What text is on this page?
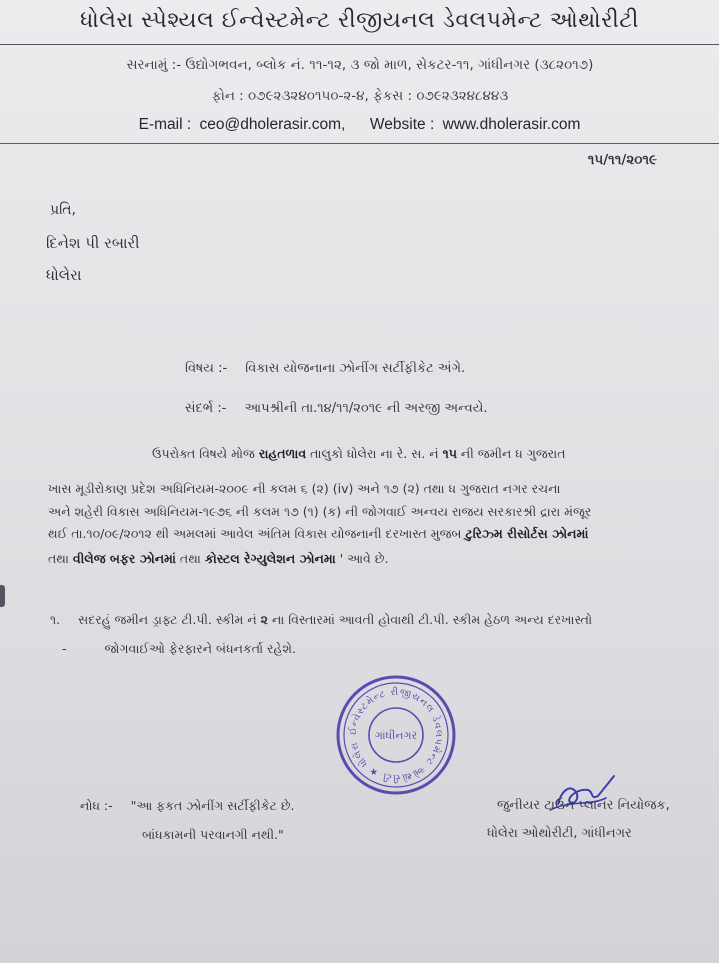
ધોલેરા સ્પેશ્યલ ઈન્વેસ્ટમેન્ટ રીજીયનલ ડેવલપમેન્ટ ઓથોરીટી
સરનામું :- ઉદ્યોગભવન, બ્લોક નં. ૧૧-૧૨, ૩ જો માળ, સેકટર-૧૧, ગાંધીનગર (૩૮૨૦૧૭)
ફોન : ૦૭૯૨૩૨૪૦૧૫૦-૨-૪, ફેકસ : ૦૭૯૨૩૨૪૮૪૪૩
E-mail : ceo@dholerasir.com, Website : www.dholerasir.com
૧૫/૧૧/૨૦૧૯
પ્રતિ,
દિનેશ પી રબારી
ધોલેરા
વિષય :- વિકાસ યોજનાના ઝોનીંગ સર્ટીફીકેટ અંગે.
સંદર્ભ :- આપશ્રીની તા.૧૪/૧૧/૨૦૧૯ ની અરજી અન્વયે.
ઉપરોક્ત વિષયે મોજ રાહતળાવ તાલુકો ધોલેરા ના રે. સ. નં ૧૫ ની જમીન ધ ગુજરાત
ખાસ મૂડીરોકાણ પ્રદેશ અધિનિયમ-૨૦૦૯ ની કલમ ૬ (૨) (iv) અને ૧૭ (૨) તથા ધ ગુજરાત નગર રચના
અને શહેરી વિકાસ અધિનિયમ-૧૯૭૬ ની કલમ ૧૭ (૧) (ક) ની જોગવાઈ અન્વય રાજય સરકારશ્રી દ્રારા મંજૂર
થઈ તા.૧૦/૦૯/૨૦૧૨ થી અમલમાં આવેલ અંતિમ વિકાસ યોજનાની દરખાસ્ત મુજબ ટુરિઝ્મ રીસોર્ટસ ઝોનમાં
તથા વીલેજ બફર ઝોનમાં તથા કોસ્ટલ રેગ્યુલેશન ઝોનમા ' આવે છે.
૧. સદરહું જમીન ડ્રાફ્ટ ટી.પી. સ્કીમ નં ૨ ના વિસ્તારમાં આવતી હોવાથી ટી.પી. સ્કીમ હેઠળ અન્ય દરખાસ્તો
-	જોગવાઈઓ ફેરફારને બંધનકર્તા રહેશે.
ઈન્વેસ્ટમેન્ટ રીજીયનલ ડેવલપમેન્ટ ઓથોરીટી ★ ધોલેરા
ગાંધીનગર
નોધ :- "આ ફકત ઝોનીંગ સર્ટીફીકેટ છે.
બાંધકામની પરવાનગી નથી."
જુનીયર ટાઉન પ્લાનર નિયોજક,
ધોલેરા ઓથોરીટી, ગાંધીનગર
